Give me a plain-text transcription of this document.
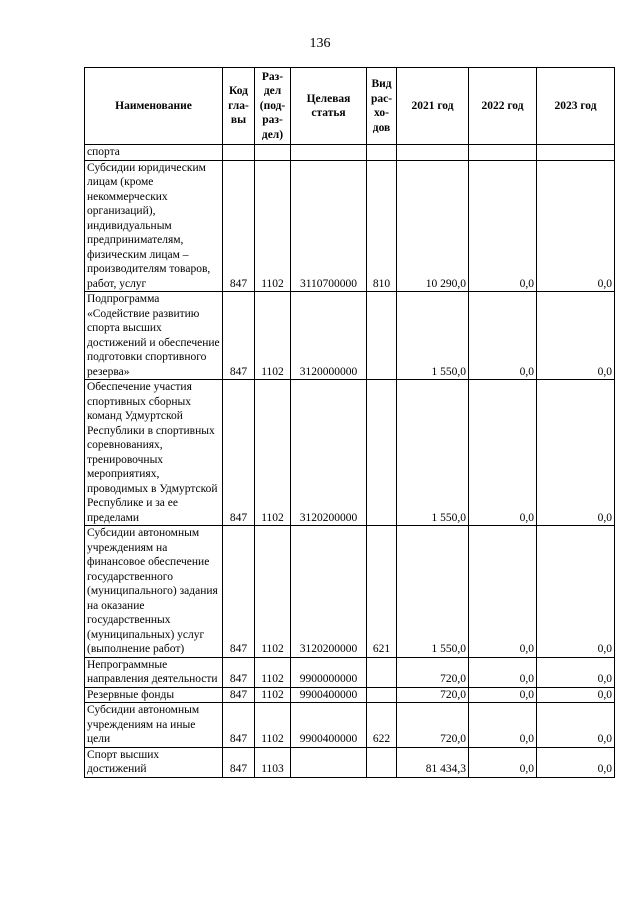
136
Наименование	Код гла-вы	Раз-дел (под-раз-дел)	Целевая статья	Вид рас-хо-дов	2021 год	2022 год	2023 год
спорта							
Субсидии юридическим лицам (кроме некоммерческих организаций), индивидуальным предпринимателям, физическим лицам – производителям товаров, работ, услуг	847	1102	3110700000	810	10 290,0	0,0	0,0
Подпрограмма «Содействие развитию спорта высших достижений и обеспечение подготовки спортивного резерва»	847	1102	3120000000		1 550,0	0,0	0,0
Обеспечение участия спортивных сборных команд Удмуртской Республики в спортивных соревнованиях, тренировочных мероприятиях, проводимых в Удмуртской Республике и за ее пределами	847	1102	3120200000		1 550,0	0,0	0,0
Субсидии автономным учреждениям на финансовое обеспечение государственного (муниципального) задания на оказание государственных (муниципальных) услуг (выполнение работ)	847	1102	3120200000	621	1 550,0	0,0	0,0
Непрограммные направления деятельности	847	1102	9900000000		720,0	0,0	0,0
Резервные фонды	847	1102	9900400000		720,0	0,0	0,0
Субсидии автономным учреждениям на иные цели	847	1102	9900400000	622	720,0	0,0	0,0
Спорт высших достижений	847	1103			81 434,3	0,0	0,0
